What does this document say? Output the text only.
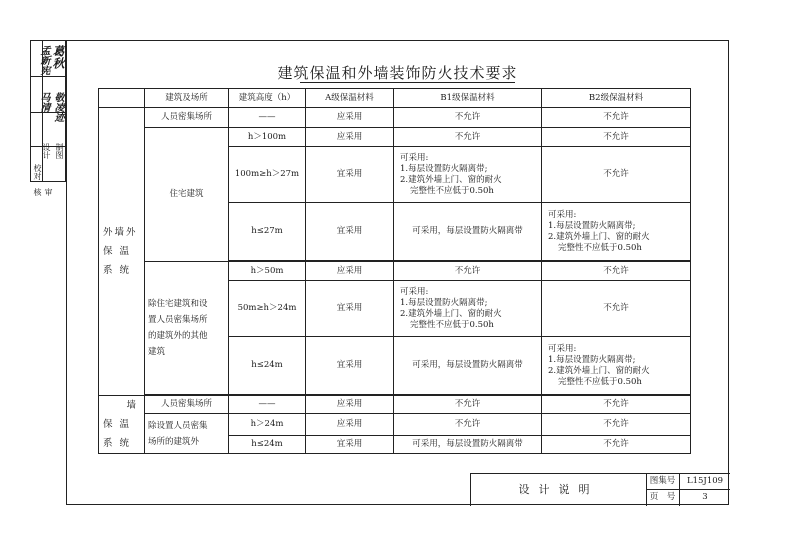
校对
审核
设计 制图
孟新宪 葛秋
马清 敬凌迹
建筑保温和外墙装饰防火技术要求
	建筑及场所	建筑高度（h）	A级保温材料	B1级保温材料	B2级保温材料

外墙外
保 温
系 统	人员密集场所	——	应采用	不允许	不允许
	住宅建筑	h＞100m	应采用	不允许	不允许
		100m≥h＞27m	宜采用	可采用:
1.每层设置防火隔离带;
2.建筑外墙上门、窗的耐火
完整性不应低于0.50h	不允许
		h≤27m	宜采用	可采用，每层设置防火隔离带	可采用:
1.每层设置防火隔离带;
2.建筑外墙上门、窗的耐火
完整性不应低于0.50h

	除住宅建筑和设
置人员密集场所
的建筑外的其他
建筑	h＞50m	应采用	不允许	不允许
		50m≥h＞24m	宜采用	可采用:
1.每层设置防火隔离带;
2.建筑外墙上门、窗的耐火
完整性不应低于0.50h	不允许
		h≤24m	宜采用	可采用，每层设置防火隔离带	可采用:
1.每层设置防火隔离带;
2.建筑外墙上门、窗的耐火
完整性不应低于0.50h

墙
保 温
系 统	人员密集场所	——	应采用	不允许	不允许

	除设置人员密集
场所的建筑外	h＞24m	应采用	不允许	不允许
		h≤24m	宜采用	可采用，每层设置防火隔离带	不允许
设计说明
图集号	L15J109
页　号	3
